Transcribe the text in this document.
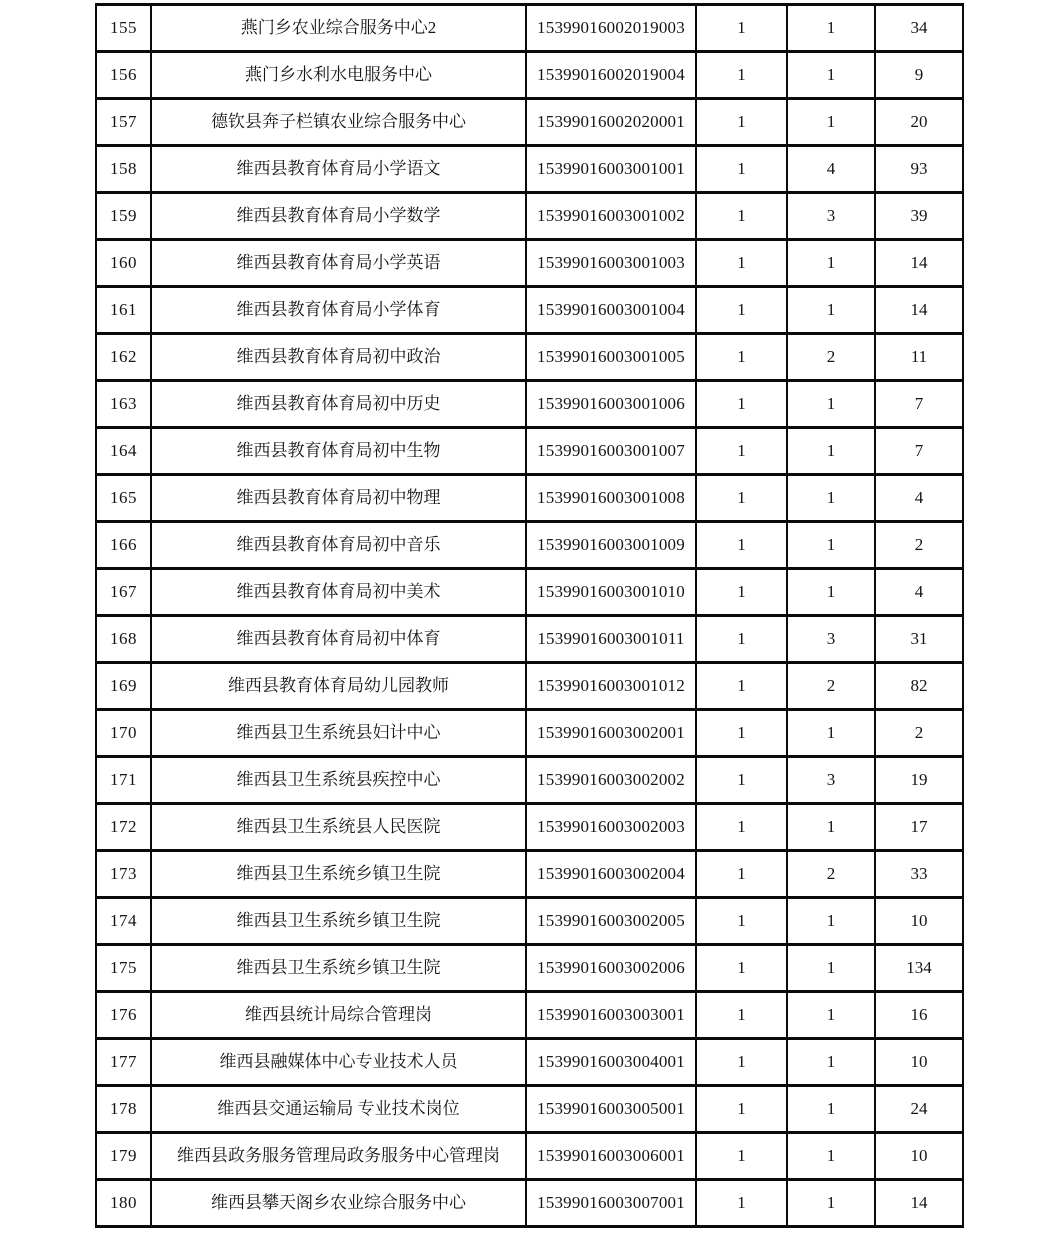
155	燕门乡农业综合服务中心2	15399016002019003	1	1	34
156	燕门乡水利水电服务中心	15399016002019004	1	1	9
157	德钦县奔子栏镇农业综合服务中心	15399016002020001	1	1	20
158	维西县教育体育局小学语文	15399016003001001	1	4	93
159	维西县教育体育局小学数学	15399016003001002	1	3	39
160	维西县教育体育局小学英语	15399016003001003	1	1	14
161	维西县教育体育局小学体育	15399016003001004	1	1	14
162	维西县教育体育局初中政治	15399016003001005	1	2	11
163	维西县教育体育局初中历史	15399016003001006	1	1	7
164	维西县教育体育局初中生物	15399016003001007	1	1	7
165	维西县教育体育局初中物理	15399016003001008	1	1	4
166	维西县教育体育局初中音乐	15399016003001009	1	1	2
167	维西县教育体育局初中美术	15399016003001010	1	1	4
168	维西县教育体育局初中体育	15399016003001011	1	3	31
169	维西县教育体育局幼儿园教师	15399016003001012	1	2	82
170	维西县卫生系统县妇计中心	15399016003002001	1	1	2
171	维西县卫生系统县疾控中心	15399016003002002	1	3	19
172	维西县卫生系统县人民医院	15399016003002003	1	1	17
173	维西县卫生系统乡镇卫生院	15399016003002004	1	2	33
174	维西县卫生系统乡镇卫生院	15399016003002005	1	1	10
175	维西县卫生系统乡镇卫生院	15399016003002006	1	1	134
176	维西县统计局综合管理岗	15399016003003001	1	1	16
177	维西县融媒体中心专业技术人员	15399016003004001	1	1	10
178	维西县交通运输局 专业技术岗位	15399016003005001	1	1	24
179	维西县政务服务管理局政务服务中心管理岗	15399016003006001	1	1	10
180	维西县攀天阁乡农业综合服务中心	15399016003007001	1	1	14
